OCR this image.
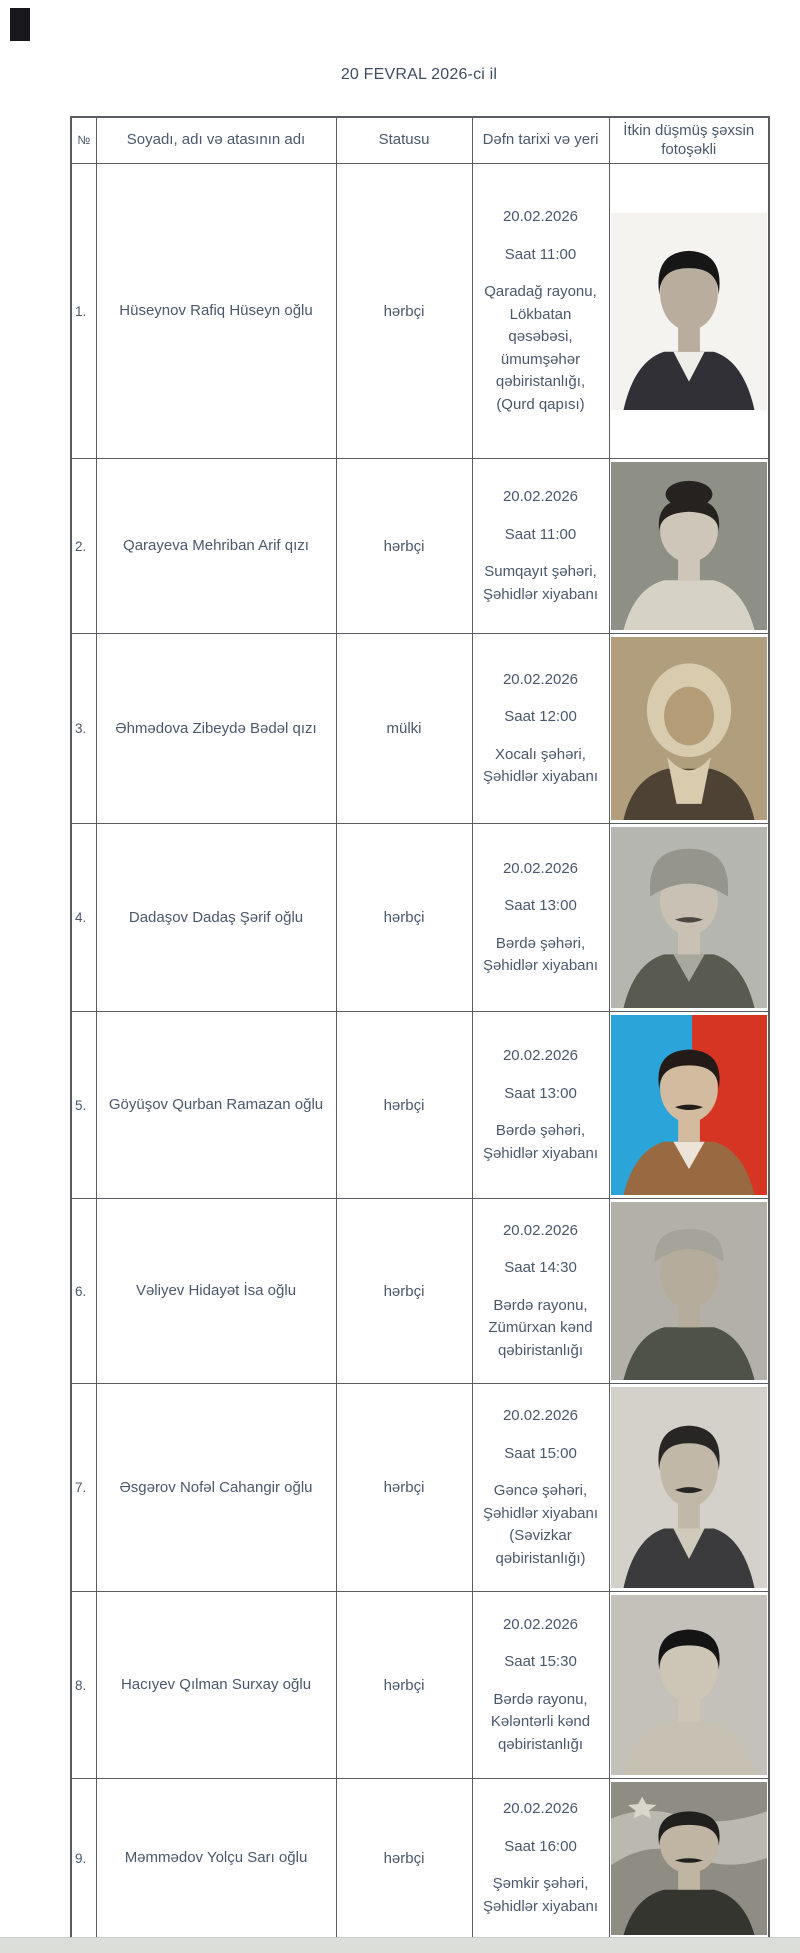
20 FEVRAL 2026-ci il
№	Soyadı, adı və atasının adı	Statusu	Dəfn tarixi və yeri	İtkin düşmüş şəxsin fotoşəkli
1.	Hüseynov Rafiq Hüseyn oğlu	hərbçi	20.02.2026
Saat 11:00
Qaradağ rayonu, Lökbatan qəsəbəsi, ümumşəhər qəbiristanlığı, (Qurd qapısı)

2.	Qarayeva Mehriban Arif qızı	hərbçi	20.02.2026
Saat 11:00
Sumqayıt şəhəri, Şəhidlər xiyabanı

3.	Əhmədova Zibeydə Bədəl qızı	mülki	20.02.2026
Saat 12:00
Xocalı şəhəri, Şəhidlər xiyabanı

4.	Dadaşov Dadaş Şərif oğlu	hərbçi	20.02.2026
Saat 13:00
Bərdə şəhəri, Şəhidlər xiyabanı

5.	Göyüşov Qurban Ramazan oğlu	hərbçi	20.02.2026
Saat 13:00
Bərdə şəhəri, Şəhidlər xiyabanı

6.	Vəliyev Hidayət İsa oğlu	hərbçi	20.02.2026
Saat 14:30
Bərdə rayonu, Zümürxan kənd qəbiristanlığı

7.	Əsgərov Nofəl Cahangir oğlu	hərbçi	20.02.2026
Saat 15:00
Gəncə şəhəri, Şəhidlər xiyabanı (Səvizkar qəbiristanlığı)

8.	Hacıyev Qılman Surxay oğlu	hərbçi	20.02.2026
Saat 15:30
Bərdə rayonu, Kələntərli kənd qəbiristanlığı

9.	Məmmədov Yolçu Sarı oğlu	hərbçi	20.02.2026
Saat 16:00
Şəmkir şəhəri, Şəhidlər xiyabanı
